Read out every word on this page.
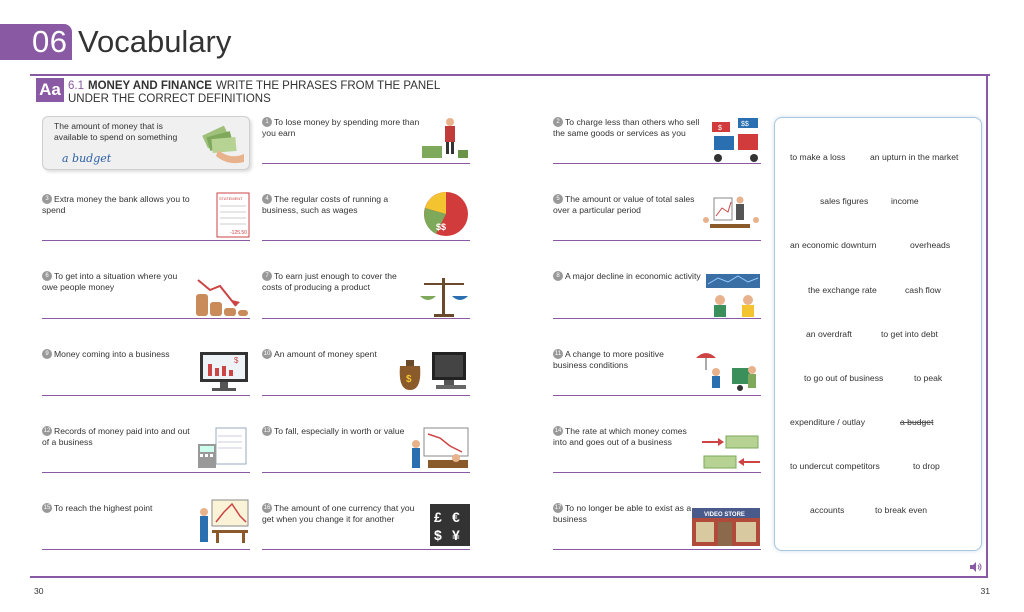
06 Vocabulary
Aa 6.1 MONEY AND FINANCE WRITE THE PHRASES FROM THE PANEL
UNDER THE CORRECT DEFINITIONS
The amount of money that is available to spend on something
a budget
1 To lose money by spending more than you earn
2 To charge less than others who sell the same goods or services as you
3 Extra money the bank allows you to spend
4 The regular costs of running a business, such as wages
5 The amount or value of total sales over a particular period
6 To get into a situation where you owe people money
7 To earn just enough to cover the costs of producing a product
8 A major decline in economic activity
9 Money coming into a business	10 An amount of money spent	11 A change to more positive business conditions
12 Records of money paid into and out of a business
13 To fall, especially in worth or value	14 The rate at which money comes into and goes out of a business
15 To reach the highest point	16 The amount of one currency that you get when you change it for another
17 To no longer be able to exist as a business
$
$$
STATEMENT
-125.50
$$
$
$
£ €
$ ¥
VIDEO STORE
to make a loss	an upturn in the market
sales figures	income
an economic downturn	overheads
the exchange rate	cash flow
an overdraft	to get into debt
to go out of business	to peak
expenditure / outlay	a budget
to undercut competitors	to drop
accounts	to break even
30	31
